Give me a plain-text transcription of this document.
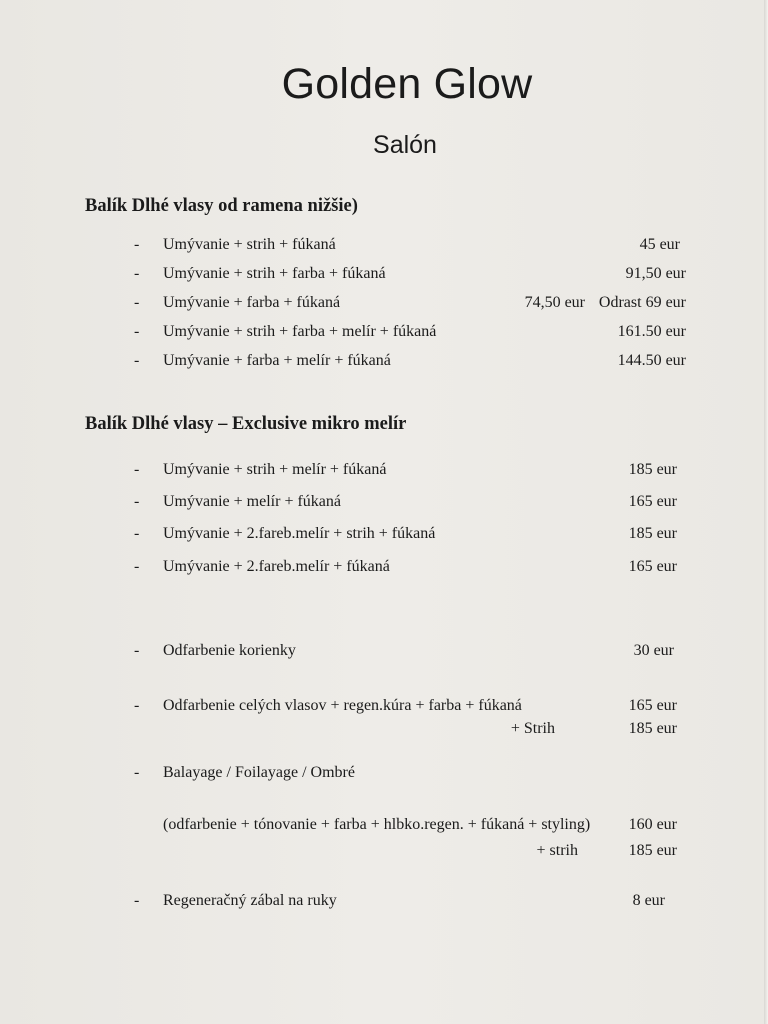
Golden Glow
Salón
Balík Dlhé vlasy od ramena nižšie)
- Umývanie + strih + fúkaná	45 eur
- Umývanie + strih + farba + fúkaná	91,50 eur
- Umývanie + farba + fúkaná	74,50 eur Odrast 69 eur
- Umývanie + strih + farba + melír + fúkaná	161.50 eur
- Umývanie + farba + melír + fúkaná	144.50 eur
Balík Dlhé vlasy – Exclusive mikro melír
- Umývanie + strih + melír + fúkaná	185 eur
- Umývanie + melír + fúkaná	165 eur
- Umývanie + 2.fareb.melír + strih + fúkaná	185 eur
- Umývanie + 2.fareb.melír + fúkaná	165 eur
- Odfarbenie korienky	30 eur
- Odfarbenie celých vlasov + regen.kúra + farba + fúkaná	165 eur
+ Strih	185 eur
- Balayage / Foilayage / Ombré
(odfarbenie + tónovanie + farba + hlbko.regen. + fúkaná + styling) 160 eur
+ strih	185 eur
- Regeneračný zábal na ruky	8 eur
